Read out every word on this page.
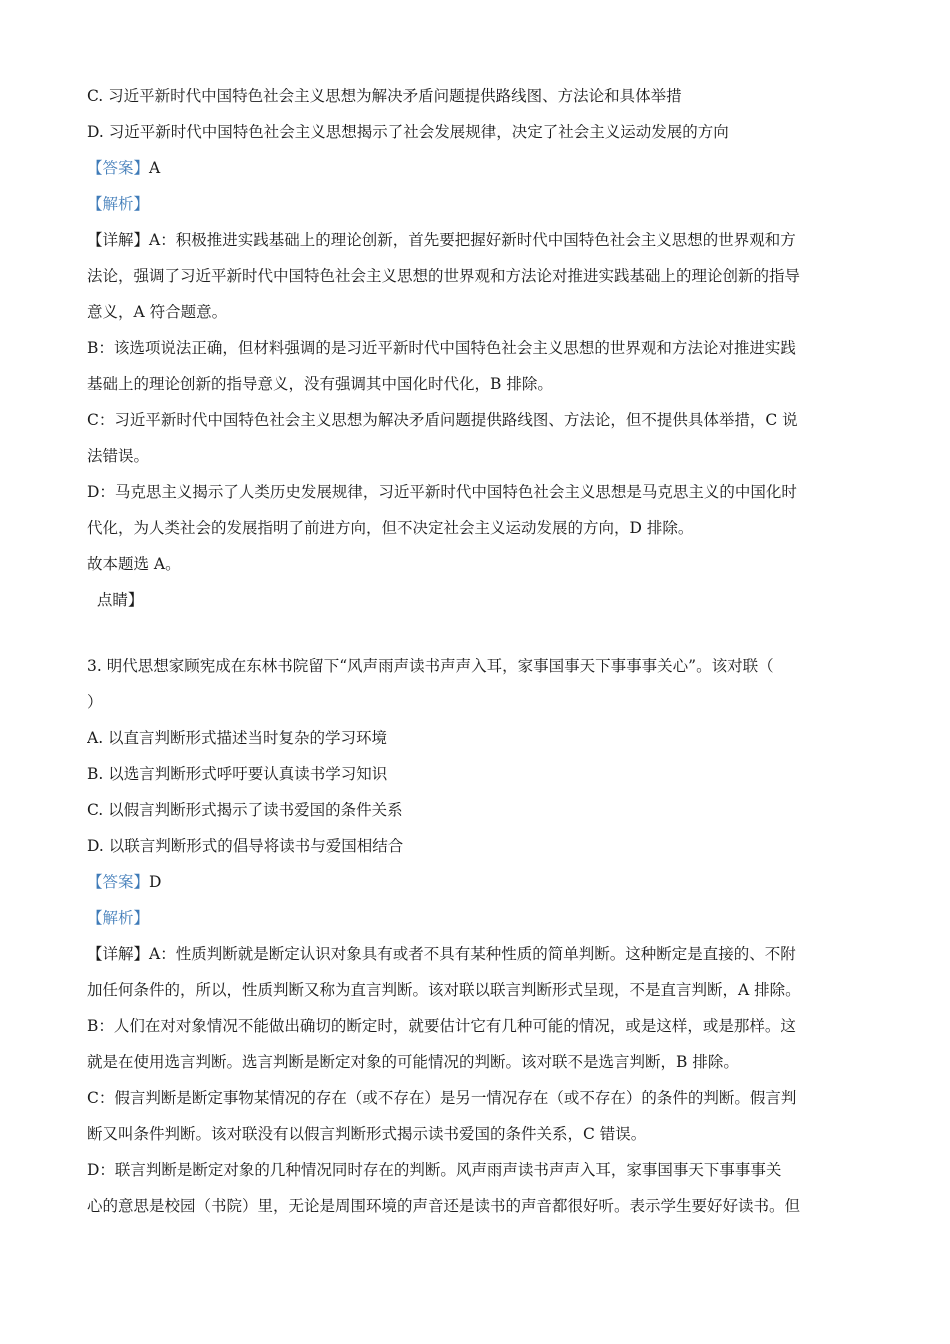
C. 习近平新时代中国特色社会主义思想为解决矛盾问题提供路线图、方法论和具体举措
D. 习近平新时代中国特色社会主义思想揭示了社会发展规律，决定了社会主义运动发展的方向
【答案】A
【解析】
【详解】A：积极推进实践基础上的理论创新，首先要把握好新时代中国特色社会主义思想的世界观和方
法论，强调了习近平新时代中国特色社会主义思想的世界观和方法论对推进实践基础上的理论创新的指导
意义，A 符合题意。
B：该选项说法正确，但材料强调的是习近平新时代中国特色社会主义思想的世界观和方法论对推进实践
基础上的理论创新的指导意义，没有强调其中国化时代化，B 排除。
C：习近平新时代中国特色社会主义思想为解决矛盾问题提供路线图、方法论，但不提供具体举措，C 说
法错误。
D：马克思主义揭示了人类历史发展规律，习近平新时代中国特色社会主义思想是马克思主义的中国化时
代化，为人类社会的发展指明了前进方向，但不决定社会主义运动发展的方向，D 排除。
故本题选 A。
点睛】
3. 明代思想家顾宪成在东林书院留下“风声雨声读书声声入耳，家事国事天下事事事关心”。该对联（
）
A. 以直言判断形式描述当时复杂的学习环境
B. 以选言判断形式呼吁要认真读书学习知识
C. 以假言判断形式揭示了读书爱国的条件关系
D. 以联言判断形式的倡导将读书与爱国相结合
【答案】D
【解析】
【详解】A：性质判断就是断定认识对象具有或者不具有某种性质的简单判断。这种断定是直接的、不附
加任何条件的，所以，性质判断又称为直言判断。该对联以联言判断形式呈现，不是直言判断，A 排除。
B：人们在对对象情况不能做出确切的断定时，就要估计它有几种可能的情况，或是这样，或是那样。这
就是在使用选言判断。选言判断是断定对象的可能情况的判断。该对联不是选言判断，B 排除。
C：假言判断是断定事物某情况的存在（或不存在）是另一情况存在（或不存在）的条件的判断。假言判
断又叫条件判断。该对联没有以假言判断形式揭示读书爱国的条件关系，C 错误。
D：联言判断是断定对象的几种情况同时存在的判断。风声雨声读书声声入耳，家事国事天下事事事关
心的意思是校园（书院）里，无论是周围环境的声音还是读书的声音都很好听。表示学生要好好读书。但
